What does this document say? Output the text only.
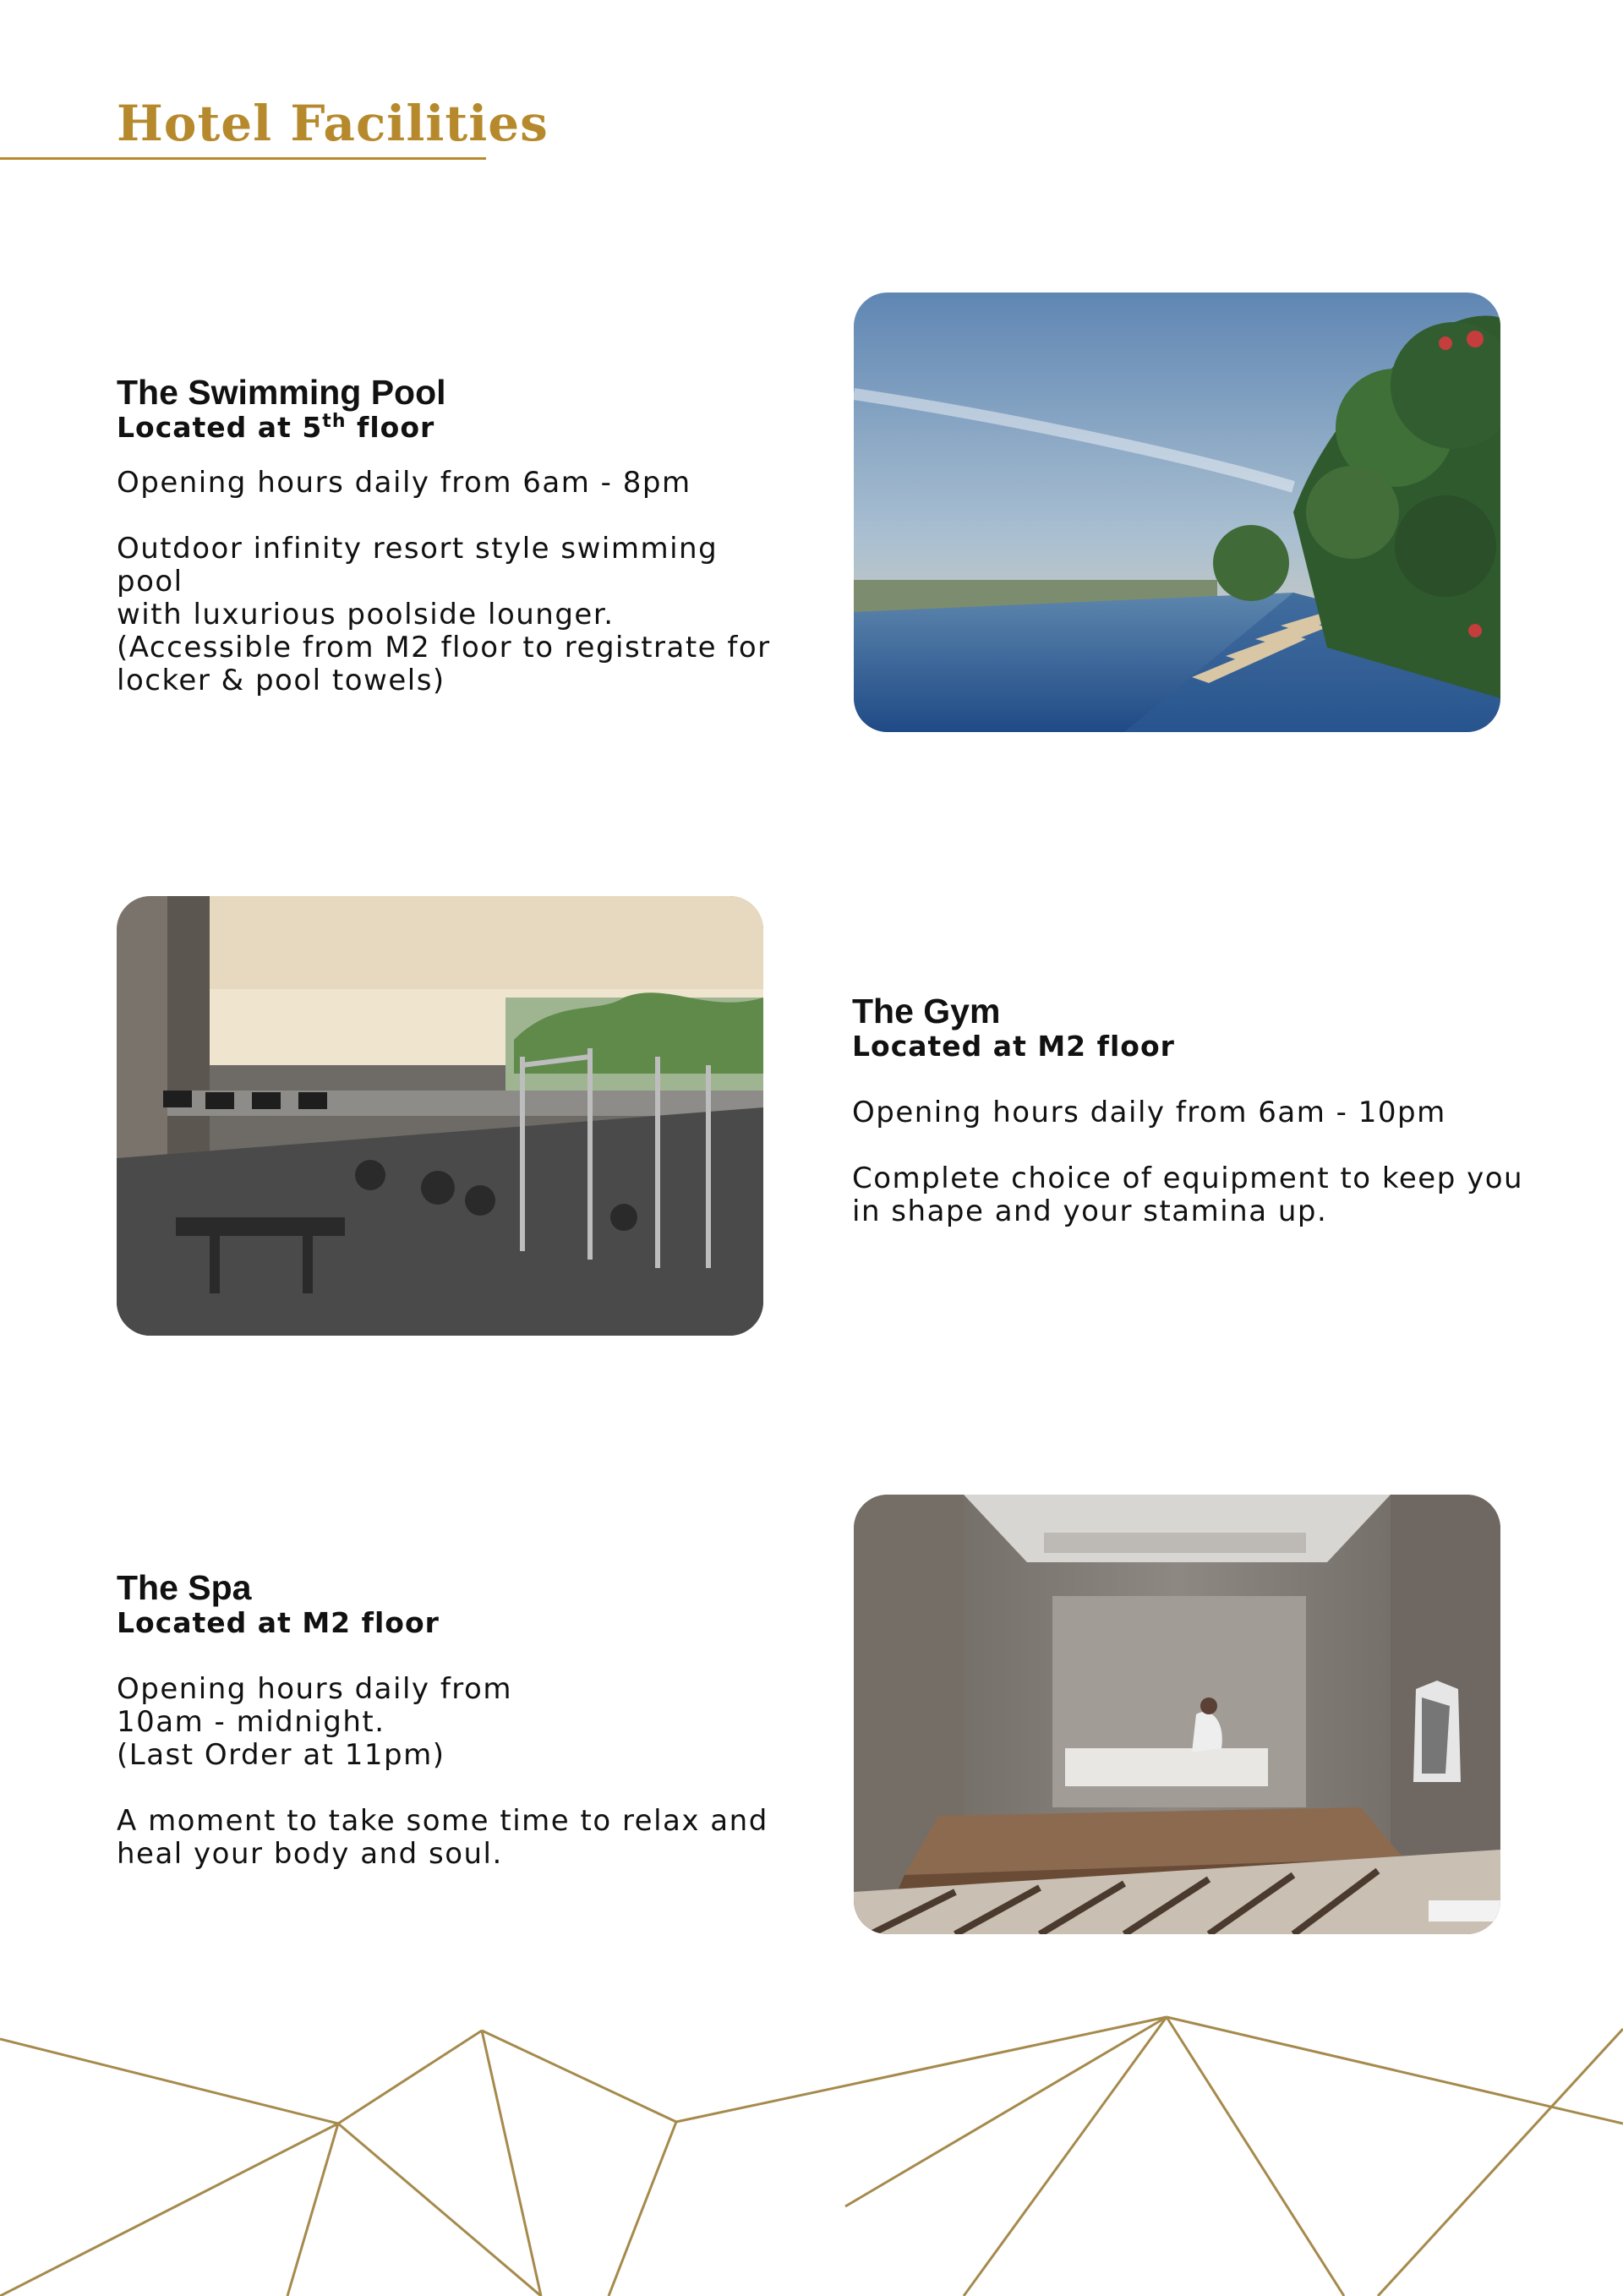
Hotel Facilities
The Swimming Pool

Located at 5th floor

Opening hours daily from 6am - 8pm

Outdoor infinity resort style swimming pool
with luxurious poolside lounger.
(Accessible from M2 floor to registrate for
locker & pool towels)

The Gym

Located at M2 floor

Opening hours daily from 6am - 10pm

Complete choice of equipment to keep you
in shape and your stamina up.

The Spa

Located at M2 floor

Opening hours daily from
10am - midnight.
(Last Order at 11pm)

A moment to take some time to relax and
heal your body and soul.
